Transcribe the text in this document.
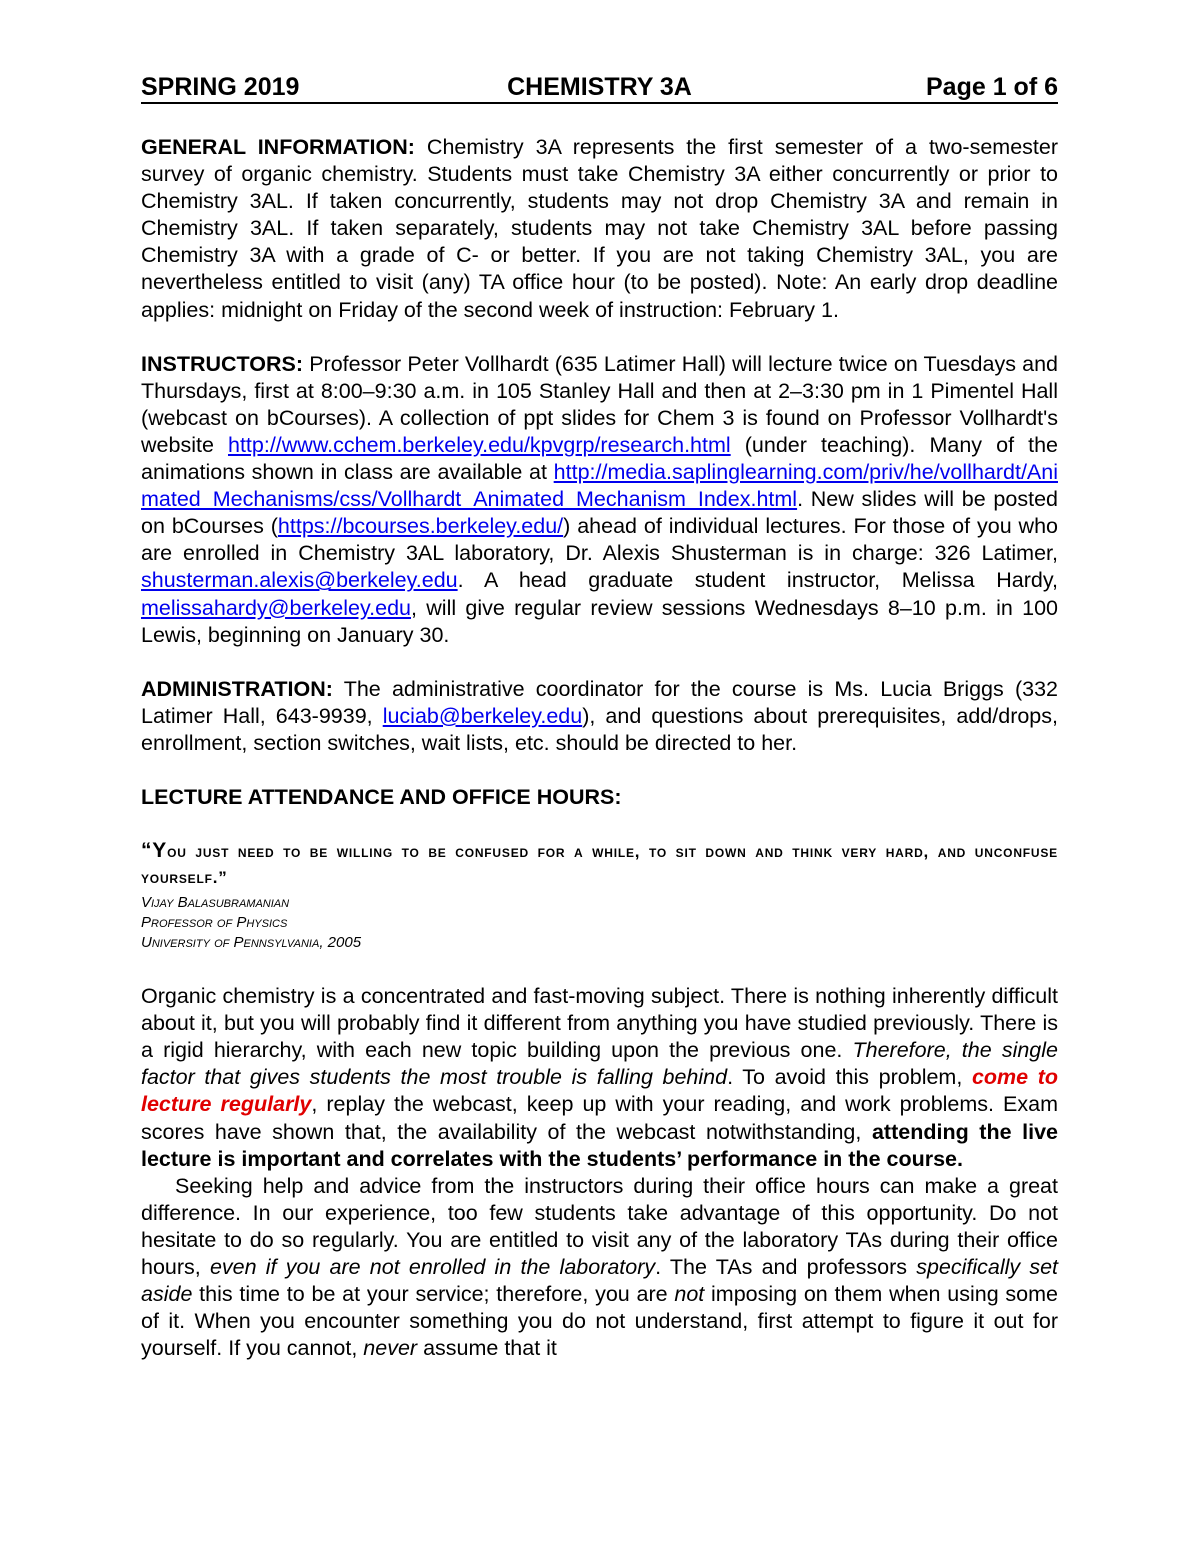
SPRING 2019	CHEMISTRY 3A	Page 1 of 6

GENERAL INFORMATION: Chemistry 3A represents the first semester of a two-semester survey of organic chemistry. Students must take Chemistry 3A either concurrently or prior to Chemistry 3AL. If taken concurrently, students may not drop Chemistry 3A and remain in Chemistry 3AL. If taken separately, students may not take Chemistry 3AL before passing Chemistry 3A with a grade of C‑ or better. If you are not taking Chemistry 3AL, you are nevertheless entitled to visit (any) TA office hour (to be posted). Note: An early drop deadline applies: midnight on Friday of the second week of instruction: February 1.

INSTRUCTORS: Professor Peter Vollhardt (635 Latimer Hall) will lecture twice on Tuesdays and Thursdays, first at 8:00–9:30 a.m. in 105 Stanley Hall and then at 2–3:30 pm in 1 Pimentel Hall (webcast on bCourses). A collection of ppt slides for Chem 3 is found on Professor Vollhardt's website http://www.cchem.berkeley.edu/kpvgrp/research.html (under teaching). Many of the animations shown in class are available at http://media.saplinglearning.com/priv/he/vollhardt/Animated_Mechanisms/css/Vollhardt_Animated_Mechanism_Index.html. New slides will be posted on bCourses (https://bcourses.berkeley.edu/) ahead of individual lectures. For those of you who are enrolled in Chemistry 3AL laboratory, Dr. Alexis Shusterman is in charge: 326 Latimer, shusterman.alexis@berkeley.edu. A head graduate student instructor, Melissa Hardy, melissahardy@berkeley.edu, will give regular review sessions Wednesdays 8–10 p.m. in 100 Lewis, beginning on January 30.

ADMINISTRATION: The administrative coordinator for the course is Ms. Lucia Briggs (332 Latimer Hall, 643-9939, luciab@berkeley.edu), and questions about prerequisites, add/drops, enrollment, section switches, wait lists, etc. should be directed to her.

LECTURE ATTENDANCE AND OFFICE HOURS:

“You just need to be willing to be confused for a while, to sit down and think very hard, and unconfuse yourself.”
Vijay Balasubramanian
Professor of Physics
University of Pennsylvania, 2005

Organic chemistry is a concentrated and fast-moving subject. There is nothing inherently difficult about it, but you will probably find it different from anything you have studied previously. There is a rigid hierarchy, with each new topic building upon the previous one. Therefore, the single factor that gives students the most trouble is falling behind. To avoid this problem, come to lecture regularly, replay the webcast, keep up with your reading, and work problems. Exam scores have shown that, the availability of the webcast notwithstanding, attending the live lecture is important and correlates with the students’ performance in the course.

Seeking help and advice from the instructors during their office hours can make a great difference. In our experience, too few students take advantage of this opportunity. Do not hesitate to do so regularly. You are entitled to visit any of the laboratory TAs during their office hours, even if you are not enrolled in the laboratory. The TAs and professors specifically set aside this time to be at your service; therefore, you are not imposing on them when using some of it. When you encounter something you do not understand, first attempt to figure it out for yourself. If you cannot, never assume that it
